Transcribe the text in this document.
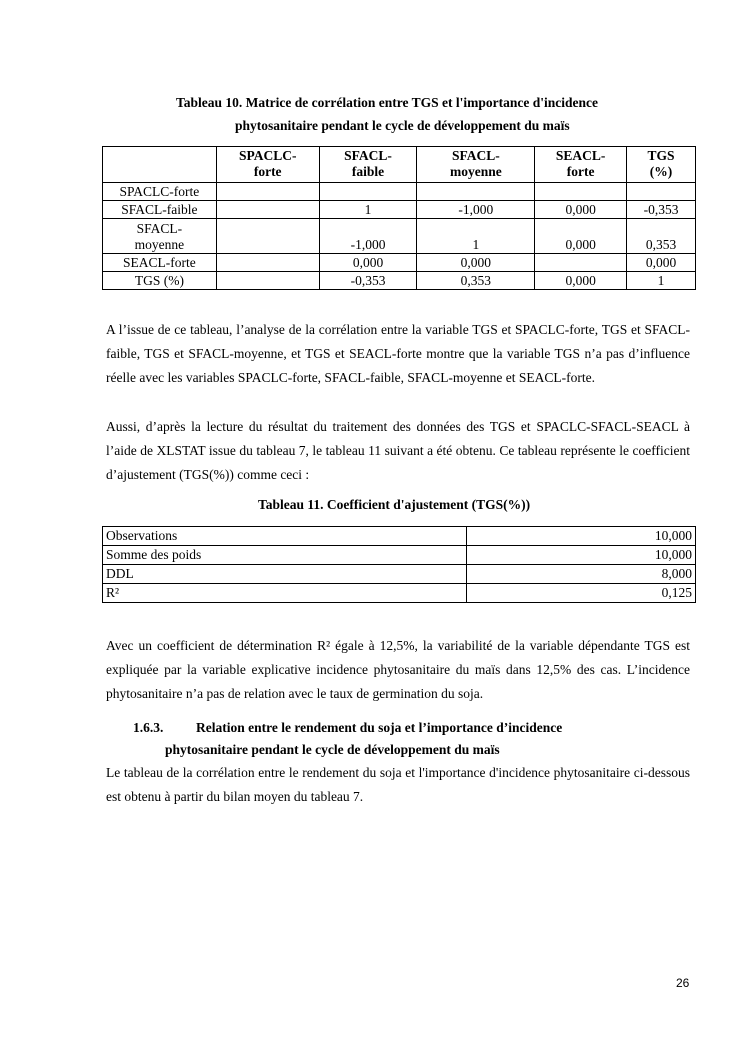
Tableau 10. Matrice de corrélation entre TGS et l'importance d'incidence
phytosanitaire pendant le cycle de développement du maïs
	SPACLC-
forte	SFACL-
faible	SFACL-
moyenne	SEACL-
forte	TGS
(%)
SPACLC-forte					
SFACL-faible		1	-1,000	0,000	-0,353
SFACL-
moyenne		-1,000	1	0,000	0,353
SEACL-forte		0,000	0,000		0,000
TGS (%)		-0,353	0,353	0,000	1

A l’issue de ce tableau, l’analyse de la corrélation entre la variable TGS et SPACLC-forte, TGS et SFACL-faible, TGS et SFACL-moyenne, et TGS et SEACL-forte montre que la variable TGS n’a pas d’influence réelle avec les variables SPACLC-forte, SFACL-faible, SFACL-moyenne et SEACL-forte.

Aussi, d’après la lecture du résultat du traitement des données des TGS et SPACLC-SFACL-SEACL à l’aide de XLSTAT issue du tableau 7, le tableau 11 suivant a été obtenu. Ce tableau représente le coefficient d’ajustement (TGS(%)) comme ceci :

Tableau 11. Coefficient d'ajustement (TGS(%))
Observations	10,000
Somme des poids	10,000
DDL	8,000
R²	0,125

Avec un coefficient de détermination R² égale à 12,5%, la variabilité de la variable dépendante TGS est expliquée par la variable explicative incidence phytosanitaire du maïs dans 12,5% des cas. L’incidence phytosanitaire n’a pas de relation avec le taux de germination du soja.

1.6.3. Relation entre le rendement du soja et l’importance d’incidence
phytosanitaire pendant le cycle de développement du maïs

Le tableau de la corrélation entre le rendement du soja et l'importance d'incidence phytosanitaire ci-dessous est obtenu à partir du bilan moyen du tableau 7.

26
